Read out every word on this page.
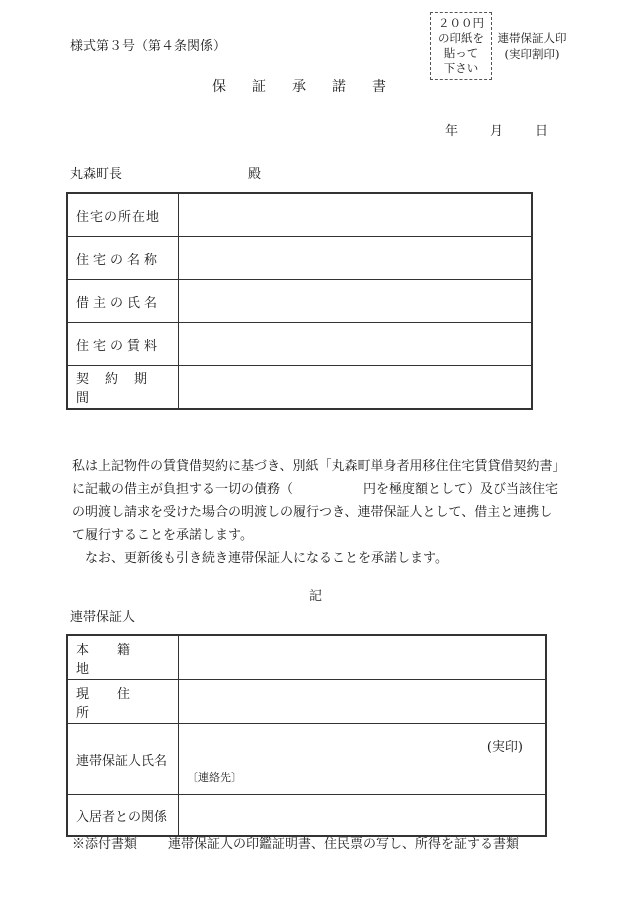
様式第３号（第４条関係）
２００円
の印紙を
貼って
下さい
連帯保証人印
(実印割印)
保証承諾書
年	月	日
丸森町長	殿
住宅の所在地	
住宅の名称	
借主の氏名	
住宅の賃料	
契約期間	

私は上記物件の賃貸借契約に基づき、別紙「丸森町単身者用移住住宅賃貸借契約書」に記載の借主が負担する一切の債務（	円を極度額として）及び当該住宅の明渡し請求を受けた場合の明渡しの履行つき、連帯保証人として、借主と連携して履行することを承諾します。

なお、更新後も引き続き連帯保証人になることを承諾します。

記
連帯保証人
本籍地	
現住所	
連帯保証人氏名	(実印)
〔連絡先〕

入居者との関係	
※添付書類 連帯保証人の印鑑証明書、住民票の写し、所得を証する書類
